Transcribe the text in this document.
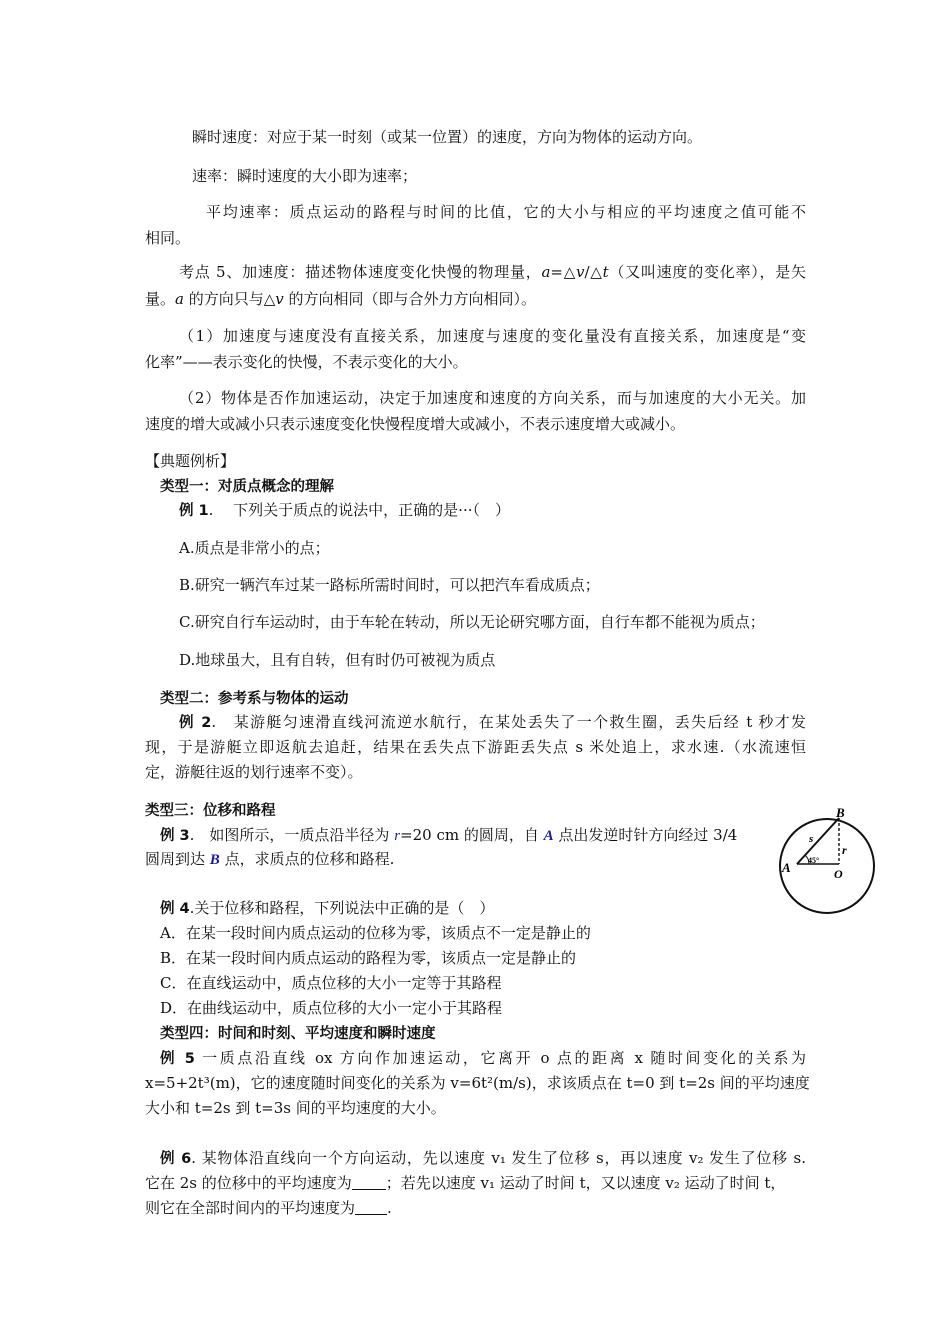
瞬时速度：对应于某一时刻（或某一位置）的速度，方向为物体的运动方向。
速率：瞬时速度的大小即为速率；
平均速率：质点运动的路程与时间的比值，它的大小与相应的平均速度之值可能不
相同。
考点 5、加速度：描述物体速度变化快慢的物理量，a=△v/△t（又叫速度的变化率），是矢
量。a 的方向只与△v 的方向相同（即与合外力方向相同）。
（1）加速度与速度没有直接关系，加速度与速度的变化量没有直接关系，加速度是“变
化率”——表示变化的快慢，不表示变化的大小。
（2）物体是否作加速运动，决定于加速度和速度的方向关系，而与加速度的大小无关。加
速度的增大或减小只表示速度变化快慢程度增大或减小，不表示速度增大或减小。
【典题例析】
类型一：对质点概念的理解
例 1.　 下列关于质点的说法中，正确的是···（　）
A.质点是非常小的点；
B.研究一辆汽车过某一路标所需时间时，可以把汽车看成质点；
C.研究自行车运动时，由于车轮在转动，所以无论研究哪方面，自行车都不能视为质点；
D.地球虽大，且有自转，但有时仍可被视为质点
类型二：参考系与物体的运动
例 2.　某游艇匀速滑直线河流逆水航行，在某处丢失了一个救生圈，丢失后经 t 秒才发
现，于是游艇立即返航去追赶，结果在丢失点下游距丢失点 s 米处追上，求水速.（水流速恒
定，游艇往返的划行速率不变）。
类型三：位移和路程
例 3.　如图所示，一质点沿半径为 r=20 cm 的圆周，自 A 点出发逆时针方向经过 3/4
圆周到达 B 点，求质点的位移和路程.
B
A	O
r
s
45°
例 4.关于位移和路程，下列说法中正确的是（　）
A．在某一段时间内质点运动的位移为零，该质点不一定是静止的
B．在某一段时间内质点运动的路程为零，该质点一定是静止的
C．在直线运动中，质点位移的大小一定等于其路程
D．在曲线运动中，质点位移的大小一定小于其路程
类型四：时间和时刻、平均速度和瞬时速度
例 5 一质点沿直线 ox 方向作加速运动，它离开 o 点的距离 x 随时间变化的关系为
x=5+2t³(m)，它的速度随时间变化的关系为 v=6t²(m/s)，求该质点在 t=0 到 t=2s 间的平均速度
大小和 t=2s 到 t=3s 间的平均速度的大小。
例 6. 某物体沿直线向一个方向运动，先以速度 v₁ 发生了位移 s，再以速度 v₂ 发生了位移 s.
它在 2s 的位移中的平均速度为 ；若先以速度 v₁ 运动了时间 t，又以速度 v₂ 运动了时间 t，
则它在全部时间内的平均速度为 .
